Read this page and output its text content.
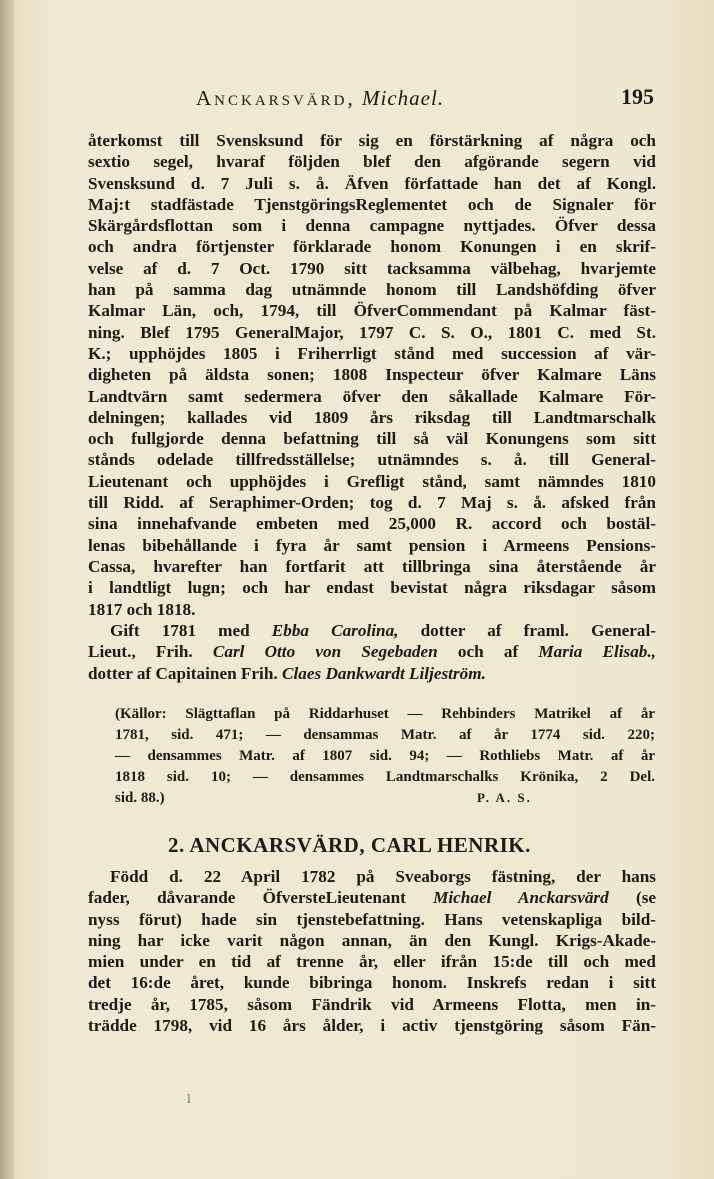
Anckarsvärd, Michael.	195
återkomst till Svensksund för sig en förstärkning af några och
sextio segel, hvaraf följden blef den afgörande segern vid
Svensksund d. 7 Juli s. å. Äfven författade han det af Kongl.
Maj:t stadfästade TjenstgöringsReglementet och de Signaler för
Skärgårdsflottan som i denna campagne nyttjades. Öfver dessa
och andra förtjenster förklarade honom Konungen i en skrif-
velse af d. 7 Oct. 1790 sitt tacksamma välbehag, hvarjemte
han på samma dag utnämnde honom till Landshöfding öfver
Kalmar Län, och, 1794, till ÖfverCommendant på Kalmar fäst-
ning. Blef 1795 GeneralMajor, 1797 C. S. O., 1801 C. med St.
K.; upphöjdes 1805 i Friherrligt stånd med succession af vär-
digheten på äldsta sonen; 1808 Inspecteur öfver Kalmare Läns
Landtvärn samt sedermera öfver den såkallade Kalmare För-
delningen; kallades vid 1809 års riksdag till Landtmarschalk
och fullgjorde denna befattning till så väl Konungens som sitt
stånds odelade tillfredsställelse; utnämndes s. å. till General-
Lieutenant och upphöjdes i Grefligt stånd, samt nämndes 1810
till Ridd. af Seraphimer-Orden; tog d. 7 Maj s. å. afsked från
sina innehafvande embeten med 25,000 R. accord och bostäl-
lenas bibehållande i fyra år samt pension i Armeens Pensions-
Cassa, hvarefter han fortfarit att tillbringa sina återstående år
i landtligt lugn; och har endast bevistat några riksdagar såsom
1817 och 1818.
Gift 1781 med Ebba Carolina, dotter af framl. General-
Lieut., Frih. Carl Otto von Segebaden och af Maria Elisab.,
dotter af Capitainen Frih. Claes Dankwardt Liljeström.
(Källor: Slägttaflan på Riddarhuset — Rehbinders Matrikel af år
1781, sid. 471; — densammas Matr. af år 1774 sid. 220;
— densammes Matr. af 1807 sid. 94; — Rothliebs Matr. af år
1818 sid. 10; — densammes Landtmarschalks Krönika, 2 Del.
sid. 88.)	P. A. S.
2. ANCKARSVÄRD, CARL HENRIK.
Född d. 22 April 1782 på Sveaborgs fästning, der hans
fader, dåvarande ÖfversteLieutenant Michael Anckarsvärd (se
nyss förut) hade sin tjenstebefattning. Hans vetenskapliga bild-
ning har icke varit någon annan, än den Kungl. Krigs-Akade-
mien under en tid af trenne år, eller ifrån 15:de till och med
det 16:de året, kunde bibringa honom. Inskrefs redan i sitt
tredje år, 1785, såsom Fändrik vid Armeens Flotta, men in-
trädde 1798, vid 16 års ålder, i activ tjenstgöring såsom Fän-
l
